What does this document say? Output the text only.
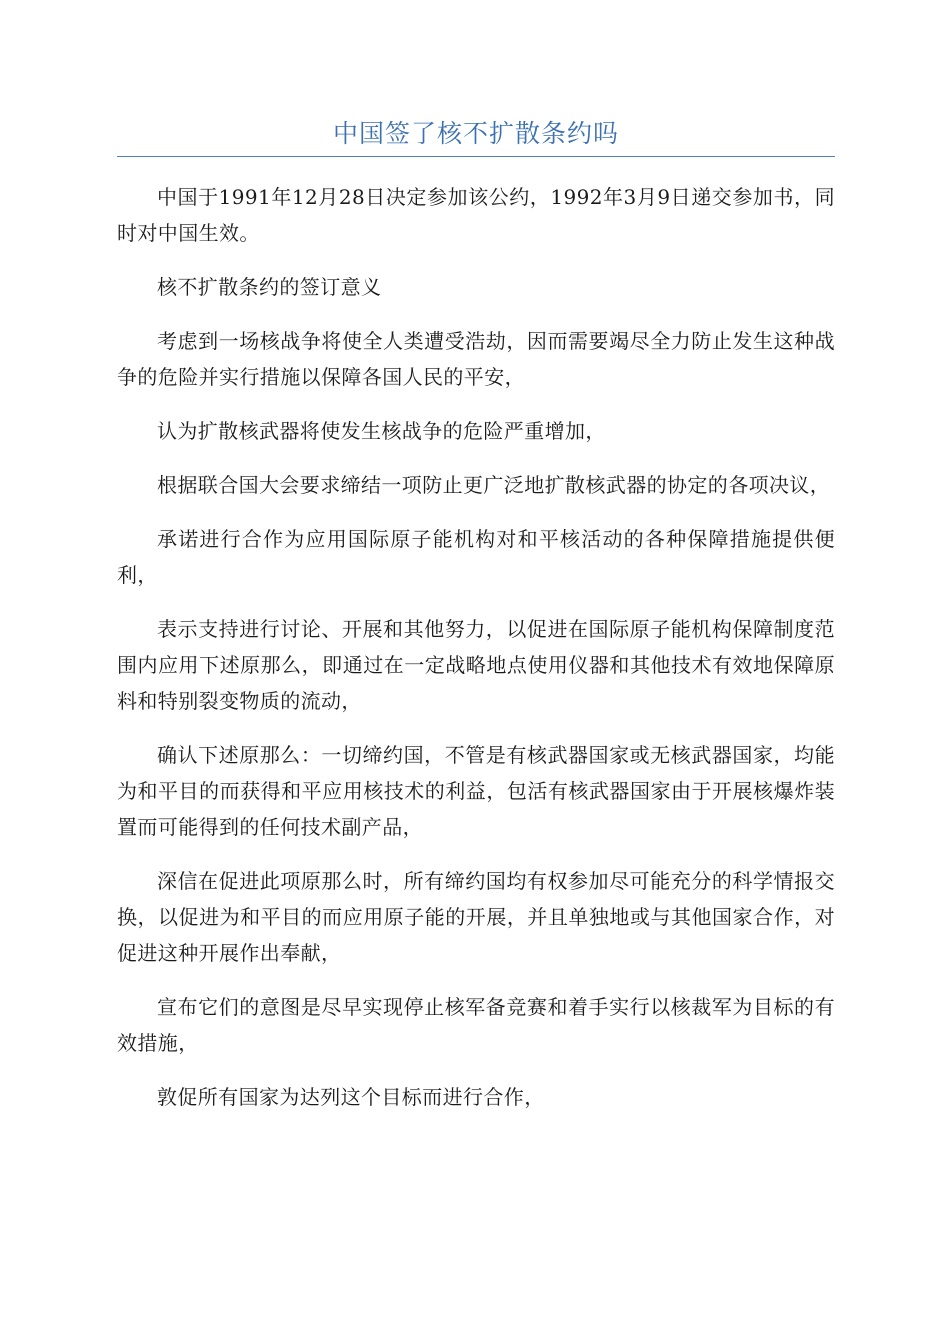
中国签了核不扩散条约吗

中国于1991年12月28日决定参加该公约，1992年3月9日递交参加书，同时对中国生效。

核不扩散条约的签订意义

考虑到一场核战争将使全人类遭受浩劫，因而需要竭尽全力防止发生这种战争的危险并实行措施以保障各国人民的平安，

认为扩散核武器将使发生核战争的危险严重增加，

根据联合国大会要求缔结一项防止更广泛地扩散核武器的协定的各项决议，

承诺进行合作为应用国际原子能机构对和平核活动的各种保障措施提供便利，

表示支持进行讨论、开展和其他努力，以促进在国际原子能机构保障制度范围内应用下述原那么，即通过在一定战略地点使用仪器和其他技术有效地保障原料和特别裂变物质的流动，

确认下述原那么：一切缔约国，不管是有核武器国家或无核武器国家，均能为和平目的而获得和平应用核技术的利益，包活有核武器国家由于开展核爆炸装置而可能得到的任何技术副产品，

深信在促进此项原那么时，所有缔约国均有权参加尽可能充分的科学情报交换，以促进为和平目的而应用原子能的开展，并且单独地或与其他国家合作，对促进这种开展作出奉献，

宣布它们的意图是尽早实现停止核军备竞赛和着手实行以核裁军为目标的有效措施，

敦促所有国家为达列这个目标而进行合作，
